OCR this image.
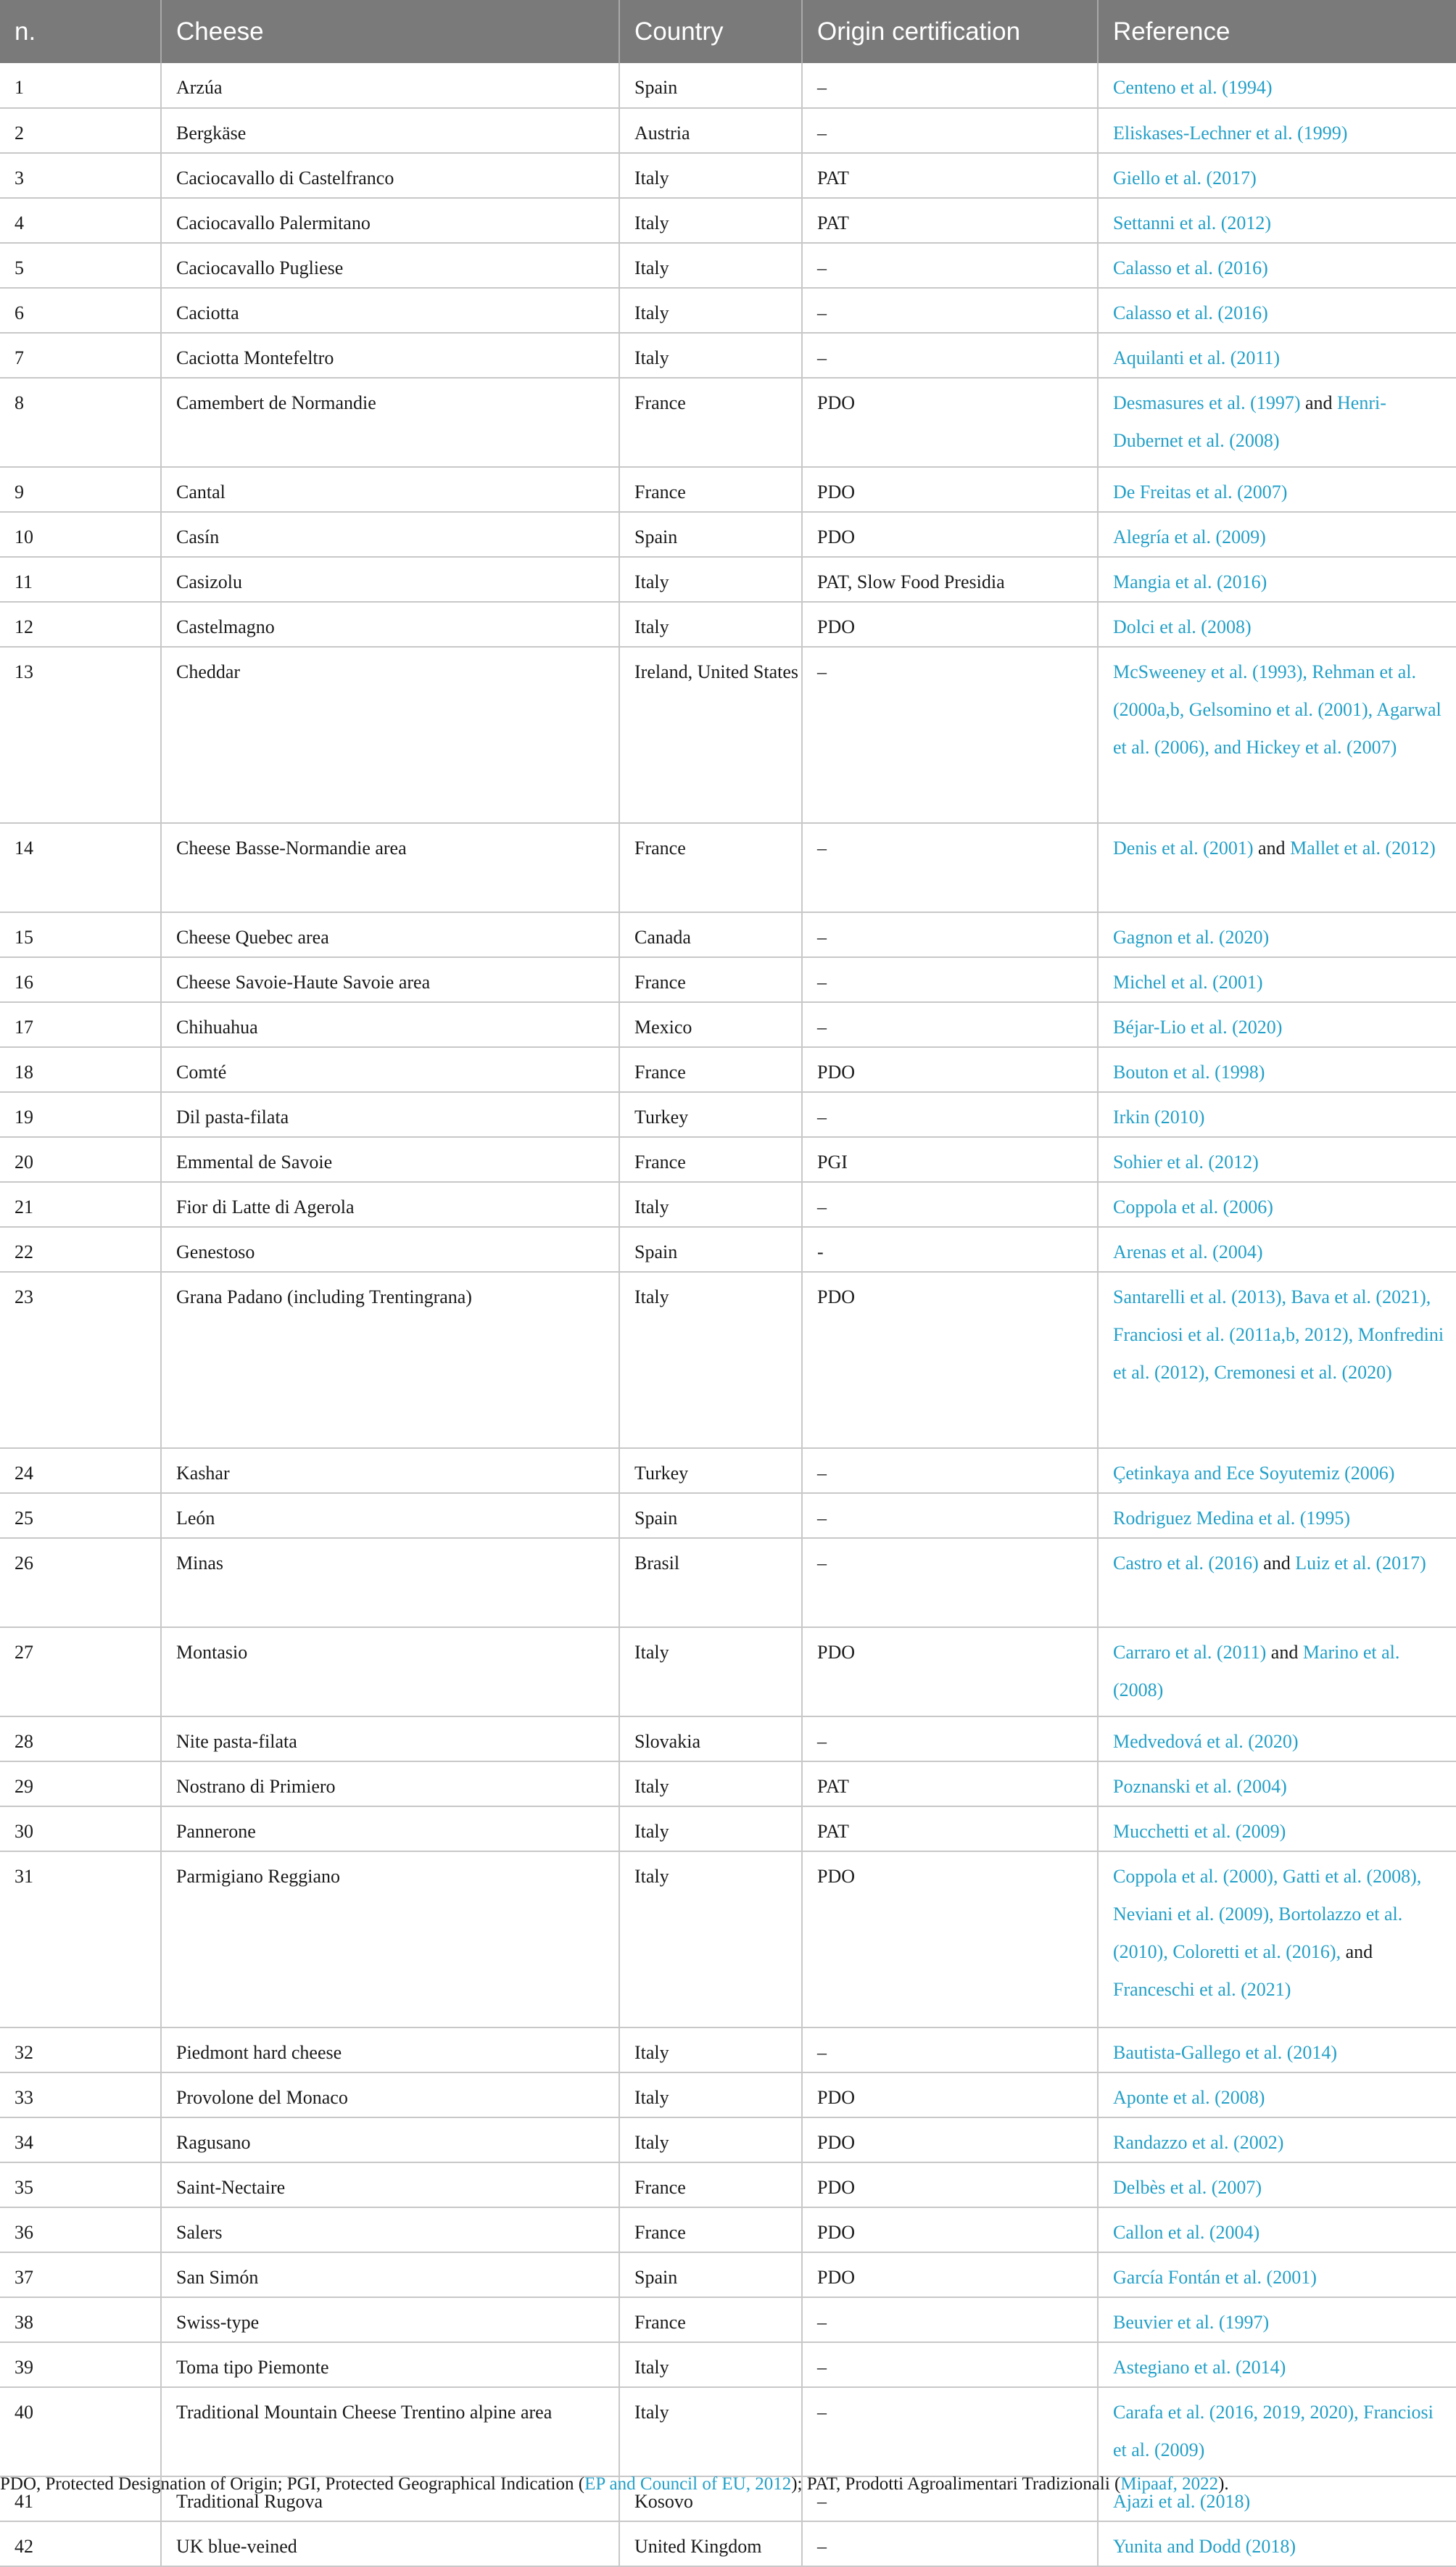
n.	Cheese	Country	Origin certification	Reference
1	Arzúa	Spain	–	Centeno et al. (1994)
2	Bergkäse	Austria	–	Eliskases-Lechner et al. (1999)
3	Caciocavallo di Castelfranco	Italy	PAT	Giello et al. (2017)
4	Caciocavallo Palermitano	Italy	PAT	Settanni et al. (2012)
5	Caciocavallo Pugliese	Italy	–	Calasso et al. (2016)
6	Caciotta	Italy	–	Calasso et al. (2016)
7	Caciotta Montefeltro	Italy	–	Aquilanti et al. (2011)
8	Camembert de Normandie	France	PDO	Desmasures et al. (1997) and Henri-Dubernet et al. (2008)
9	Cantal	France	PDO	De Freitas et al. (2007)
10	Casín	Spain	PDO	Alegría et al. (2009)
11	Casizolu	Italy	PAT, Slow Food Presidia	Mangia et al. (2016)
12	Castelmagno	Italy	PDO	Dolci et al. (2008)
13	Cheddar	Ireland, United States	–	McSweeney et al. (1993), Rehman et al. (2000a,b, Gelsomino et al. (2001), Agarwal et al. (2006), and Hickey et al. (2007)
14	Cheese Basse-Normandie area	France	–	Denis et al. (2001) and Mallet et al. (2012)
15	Cheese Quebec area	Canada	–	Gagnon et al. (2020)
16	Cheese Savoie-Haute Savoie area	France	–	Michel et al. (2001)
17	Chihuahua	Mexico	–	Béjar-Lio et al. (2020)
18	Comté	France	PDO	Bouton et al. (1998)
19	Dil pasta-filata	Turkey	–	Irkin (2010)
20	Emmental de Savoie	France	PGI	Sohier et al. (2012)
21	Fior di Latte di Agerola	Italy	–	Coppola et al. (2006)
22	Genestoso	Spain	-	Arenas et al. (2004)
23	Grana Padano (including Trentingrana)	Italy	PDO	Santarelli et al. (2013), Bava et al. (2021), Franciosi et al. (2011a,b, 2012), Monfredini et al. (2012), Cremonesi et al. (2020)
24	Kashar	Turkey	–	Çetinkaya and Ece Soyutemiz (2006)
25	León	Spain	–	Rodriguez Medina et al. (1995)
26	Minas	Brasil	–	Castro et al. (2016) and Luiz et al. (2017)
27	Montasio	Italy	PDO	Carraro et al. (2011) and Marino et al. (2008)
28	Nite pasta-filata	Slovakia	–	Medvedová et al. (2020)
29	Nostrano di Primiero	Italy	PAT	Poznanski et al. (2004)
30	Pannerone	Italy	PAT	Mucchetti et al. (2009)
31	Parmigiano Reggiano	Italy	PDO	Coppola et al. (2000), Gatti et al. (2008), Neviani et al. (2009), Bortolazzo et al. (2010), Coloretti et al. (2016), and Franceschi et al. (2021)
32	Piedmont hard cheese	Italy	–	Bautista-Gallego et al. (2014)
33	Provolone del Monaco	Italy	PDO	Aponte et al. (2008)
34	Ragusano	Italy	PDO	Randazzo et al. (2002)
35	Saint-Nectaire	France	PDO	Delbès et al. (2007)
36	Salers	France	PDO	Callon et al. (2004)
37	San Simón	Spain	PDO	García Fontán et al. (2001)
38	Swiss-type	France	–	Beuvier et al. (1997)
39	Toma tipo Piemonte	Italy	–	Astegiano et al. (2014)
40	Traditional Mountain Cheese Trentino alpine area	Italy	–	Carafa et al. (2016, 2019, 2020), Franciosi et al. (2009)
41	Traditional Rugova	Kosovo	–	Ajazi et al. (2018)
42	UK blue-veined	United Kingdom	–	Yunita and Dodd (2018)
PDO, Protected Designation of Origin; PGI, Protected Geographical Indication (EP and Council of EU, 2012); PAT, Prodotti Agroalimentari Tradizionali (Mipaaf, 2022).
